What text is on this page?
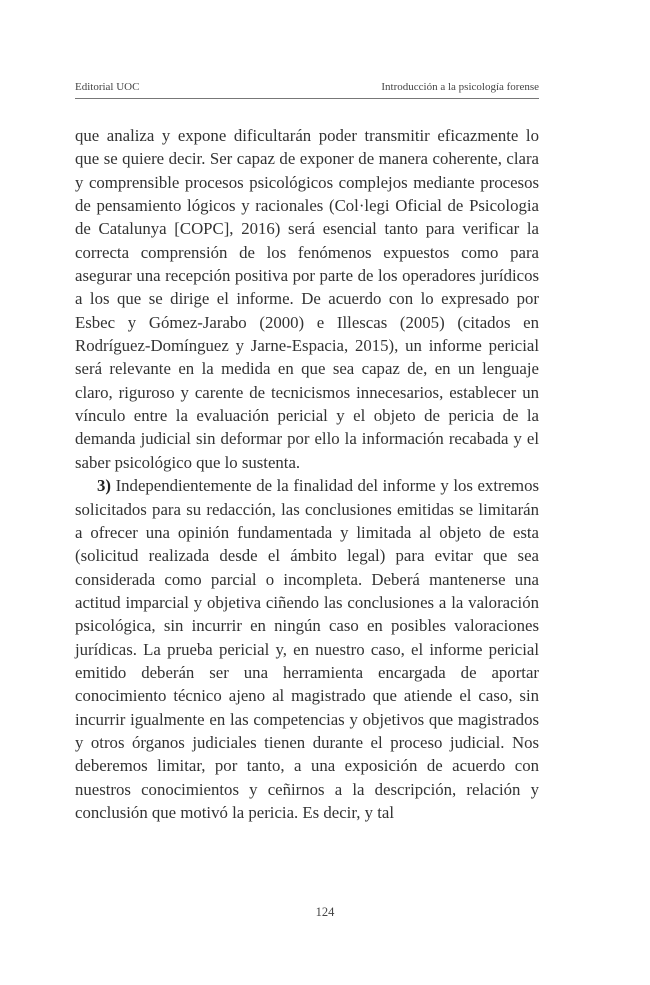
Editorial UOC	Introducción a la psicología forense

que analiza y expone dificultarán poder transmitir eficazmente lo que se quiere decir. Ser capaz de exponer de manera coherente, clara y comprensible procesos psicológicos complejos mediante procesos de pensamiento lógicos y racionales (Col·legi Oficial de Psicologia de Catalunya [COPC], 2016) será esencial tanto para verificar la correcta comprensión de los fenómenos expuestos como para asegurar una recepción positiva por parte de los operadores jurídicos a los que se dirige el informe. De acuerdo con lo expresado por Esbec y Gómez-Jarabo (2000) e Illescas (2005) (citados en Rodríguez-Domínguez y Jarne-Espacia, 2015), un informe pericial será relevante en la medida en que sea capaz de, en un lenguaje claro, riguroso y carente de tecnicismos innecesarios, establecer un vínculo entre la evaluación pericial y el objeto de pericia de la demanda judicial sin deformar por ello la información recabada y el saber psicológico que lo sustenta.

3) Independientemente de la finalidad del informe y los extremos solicitados para su redacción, las conclusiones emitidas se limitarán a ofrecer una opinión fundamentada y limitada al objeto de esta (solicitud realizada desde el ámbito legal) para evitar que sea considerada como parcial o incompleta. Deberá mantenerse una actitud imparcial y objetiva ciñendo las conclusiones a la valoración psicológica, sin incurrir en ningún caso en posibles valoraciones jurídicas. La prueba pericial y, en nuestro caso, el informe pericial emitido deberán ser una herramienta encargada de aportar conocimiento técnico ajeno al magistrado que atiende el caso, sin incurrir igualmente en las competencias y objetivos que magistrados y otros órganos judiciales tienen durante el proceso judicial. Nos deberemos limitar, por tanto, a una exposición de acuerdo con nuestros conocimientos y ceñirnos a la descripción, relación y conclusión que motivó la pericia. Es decir, y tal

124
